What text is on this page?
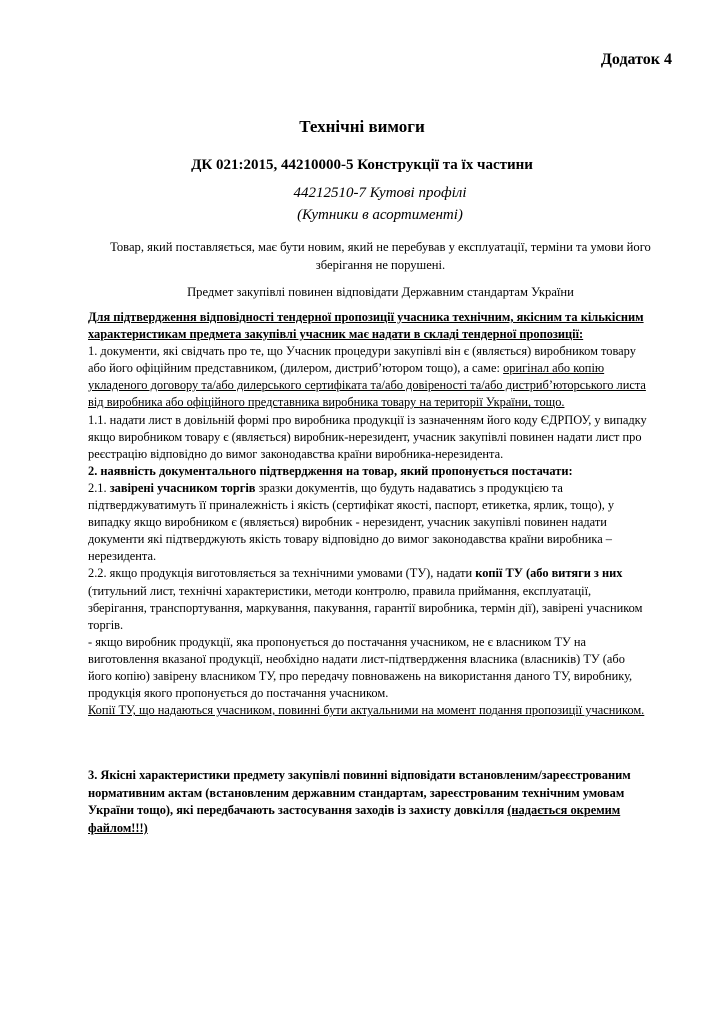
Додаток 4
Технічні вимоги
ДК 021:2015, 44210000-5 Конструкції та їх частини
44212510-7 Кутові профілі
(Кутники в асортименті)
Товар, який поставляється, має бути новим, який не перебував у експлуатації, терміни та умови його зберігання не порушені.
Предмет закупівлі повинен відповідати Державним стандартам України

Для підтвердження відповідності тендерної пропозиції учасника технічним, якісним та кількісним характеристикам предмета закупівлі учасник має надати в складі тендерної пропозиції:

1. документи, які свідчать про те, що Учасник процедури закупівлі він є (являється) виробником товару або його офіційним представником, (дилером, дистриб’ютором тощо), а саме: оригінал або копію укладеного договору та/або дилерського сертифіката та/або довіреності та/або дистриб’юторського листа від виробника або офіційного представника виробника товару на території України, тощо.

1.1. надати лист в довільній формі про виробника продукції із зазначенням його коду ЄДРПОУ, у випадку якщо виробником товару є (являється) виробник-нерезидент, учасник закупівлі повинен надати лист про реєстрацію відповідно до вимог законодавства країни виробника-нерезидента.

2. наявність документального підтвердження на товар, який пропонується постачати:

2.1. завірені учасником торгів зразки документів, що будуть надаватись з продукцією та підтверджуватимуть її приналежність і якість (сертифікат якості, паспорт, етикетка, ярлик, тощо), у випадку якщо виробником є (являється) виробник - нерезидент, учасник закупівлі повинен надати документи які підтверджують якість товару відповідно до вимог законодавства країни виробника – нерезидента.

2.2. якщо продукція виготовляється за технічними умовами (ТУ), надати копії ТУ (або витяги з них (титульний лист, технічні характеристики, методи контролю, правила приймання, експлуатації, зберігання, транспортування, маркування, пакування, гарантії виробника, термін дії), завірені учасником торгів.

- якщо виробник продукції, яка пропонується до постачання учасником, не є власником ТУ на виготовлення вказаної продукції, необхідно надати лист-підтвердження власника (власників) ТУ (або його копію) завірену власником ТУ, про передачу повноважень на використання даного ТУ, виробнику, продукція якого пропонується до постачання учасником.

Копії ТУ, що надаються учасником, повинні бути актуальними на момент подання пропозиції учасником.

3. Якісні характеристики предмету закупівлі повинні відповідати встановленим/зареєстрованим нормативним актам (встановленим державним стандартам, зареєстрованим технічним умовам України тощо), які передбачають застосування заходів із захисту довкілля (надається окремим файлом!!!)
